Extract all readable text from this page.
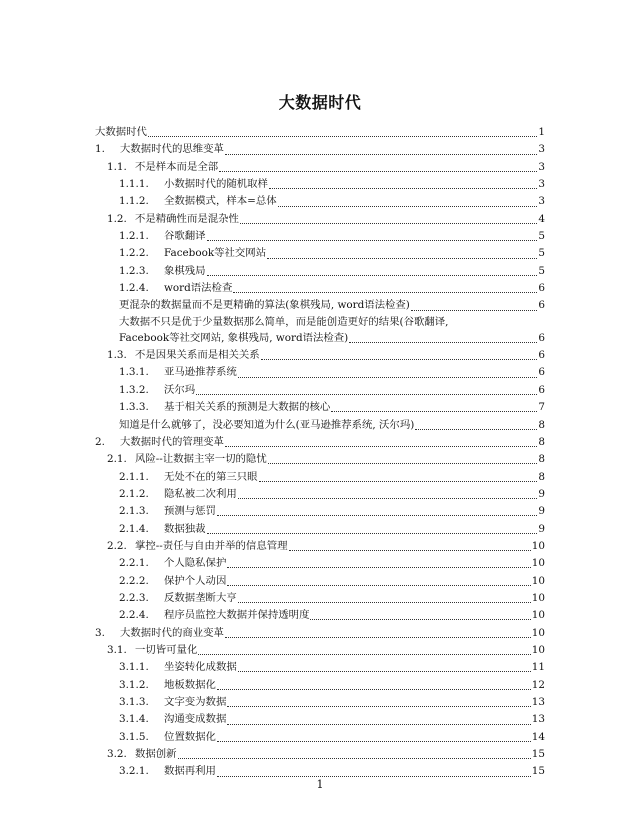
大数据时代
大数据时代	1
1.	大数据时代的思维变革	3
1.1. 不是样本而是全部	3
1.1.1.	小数据时代的随机取样	3
1.1.2.	全数据模式，样本=总体	3
1.2. 不是精确性而是混杂性	4
1.2.1.	谷歌翻译	5
1.2.2.	Facebook等社交网站	5
1.2.3.	象棋残局	5
1.2.4.	word语法检查	6
更混杂的数据量而不是更精确的算法(象棋残局, word语法检查)	6
大数据不只是优于少量数据那么简单，而是能创造更好的结果(谷歌翻译,
Facebook等社交网站, 象棋残局, word语法检查)	6
1.3. 不是因果关系而是相关关系	6
1.3.1.	亚马逊推荐系统	6
1.3.2.	沃尔玛	6
1.3.3.	基于相关关系的预测是大数据的核心	7
知道是什么就够了，没必要知道为什么(亚马逊推荐系统, 沃尔玛)	8
2.	大数据时代的管理变革	8
2.1. 风险--让数据主宰一切的隐忧	8
2.1.1.	无处不在的第三只眼	8
2.1.2.	隐私被二次利用	9
2.1.3.	预测与惩罚	9
2.1.4.	数据独裁	9
2.2. 掌控--责任与自由并举的信息管理	10
2.2.1.	个人隐私保护	10
2.2.2.	保护个人动因	10
2.2.3.	反数据垄断大亨	10
2.2.4.	程序员监控大数据并保持透明度	10
3.	大数据时代的商业变革	10
3.1. 一切皆可量化	10
3.1.1.	坐姿转化成数据	11
3.1.2.	地板数据化	12
3.1.3.	文字变为数据	13
3.1.4.	沟通变成数据	13
3.1.5.	位置数据化	14
3.2. 数据创新	15
3.2.1.	数据再利用	15
1
